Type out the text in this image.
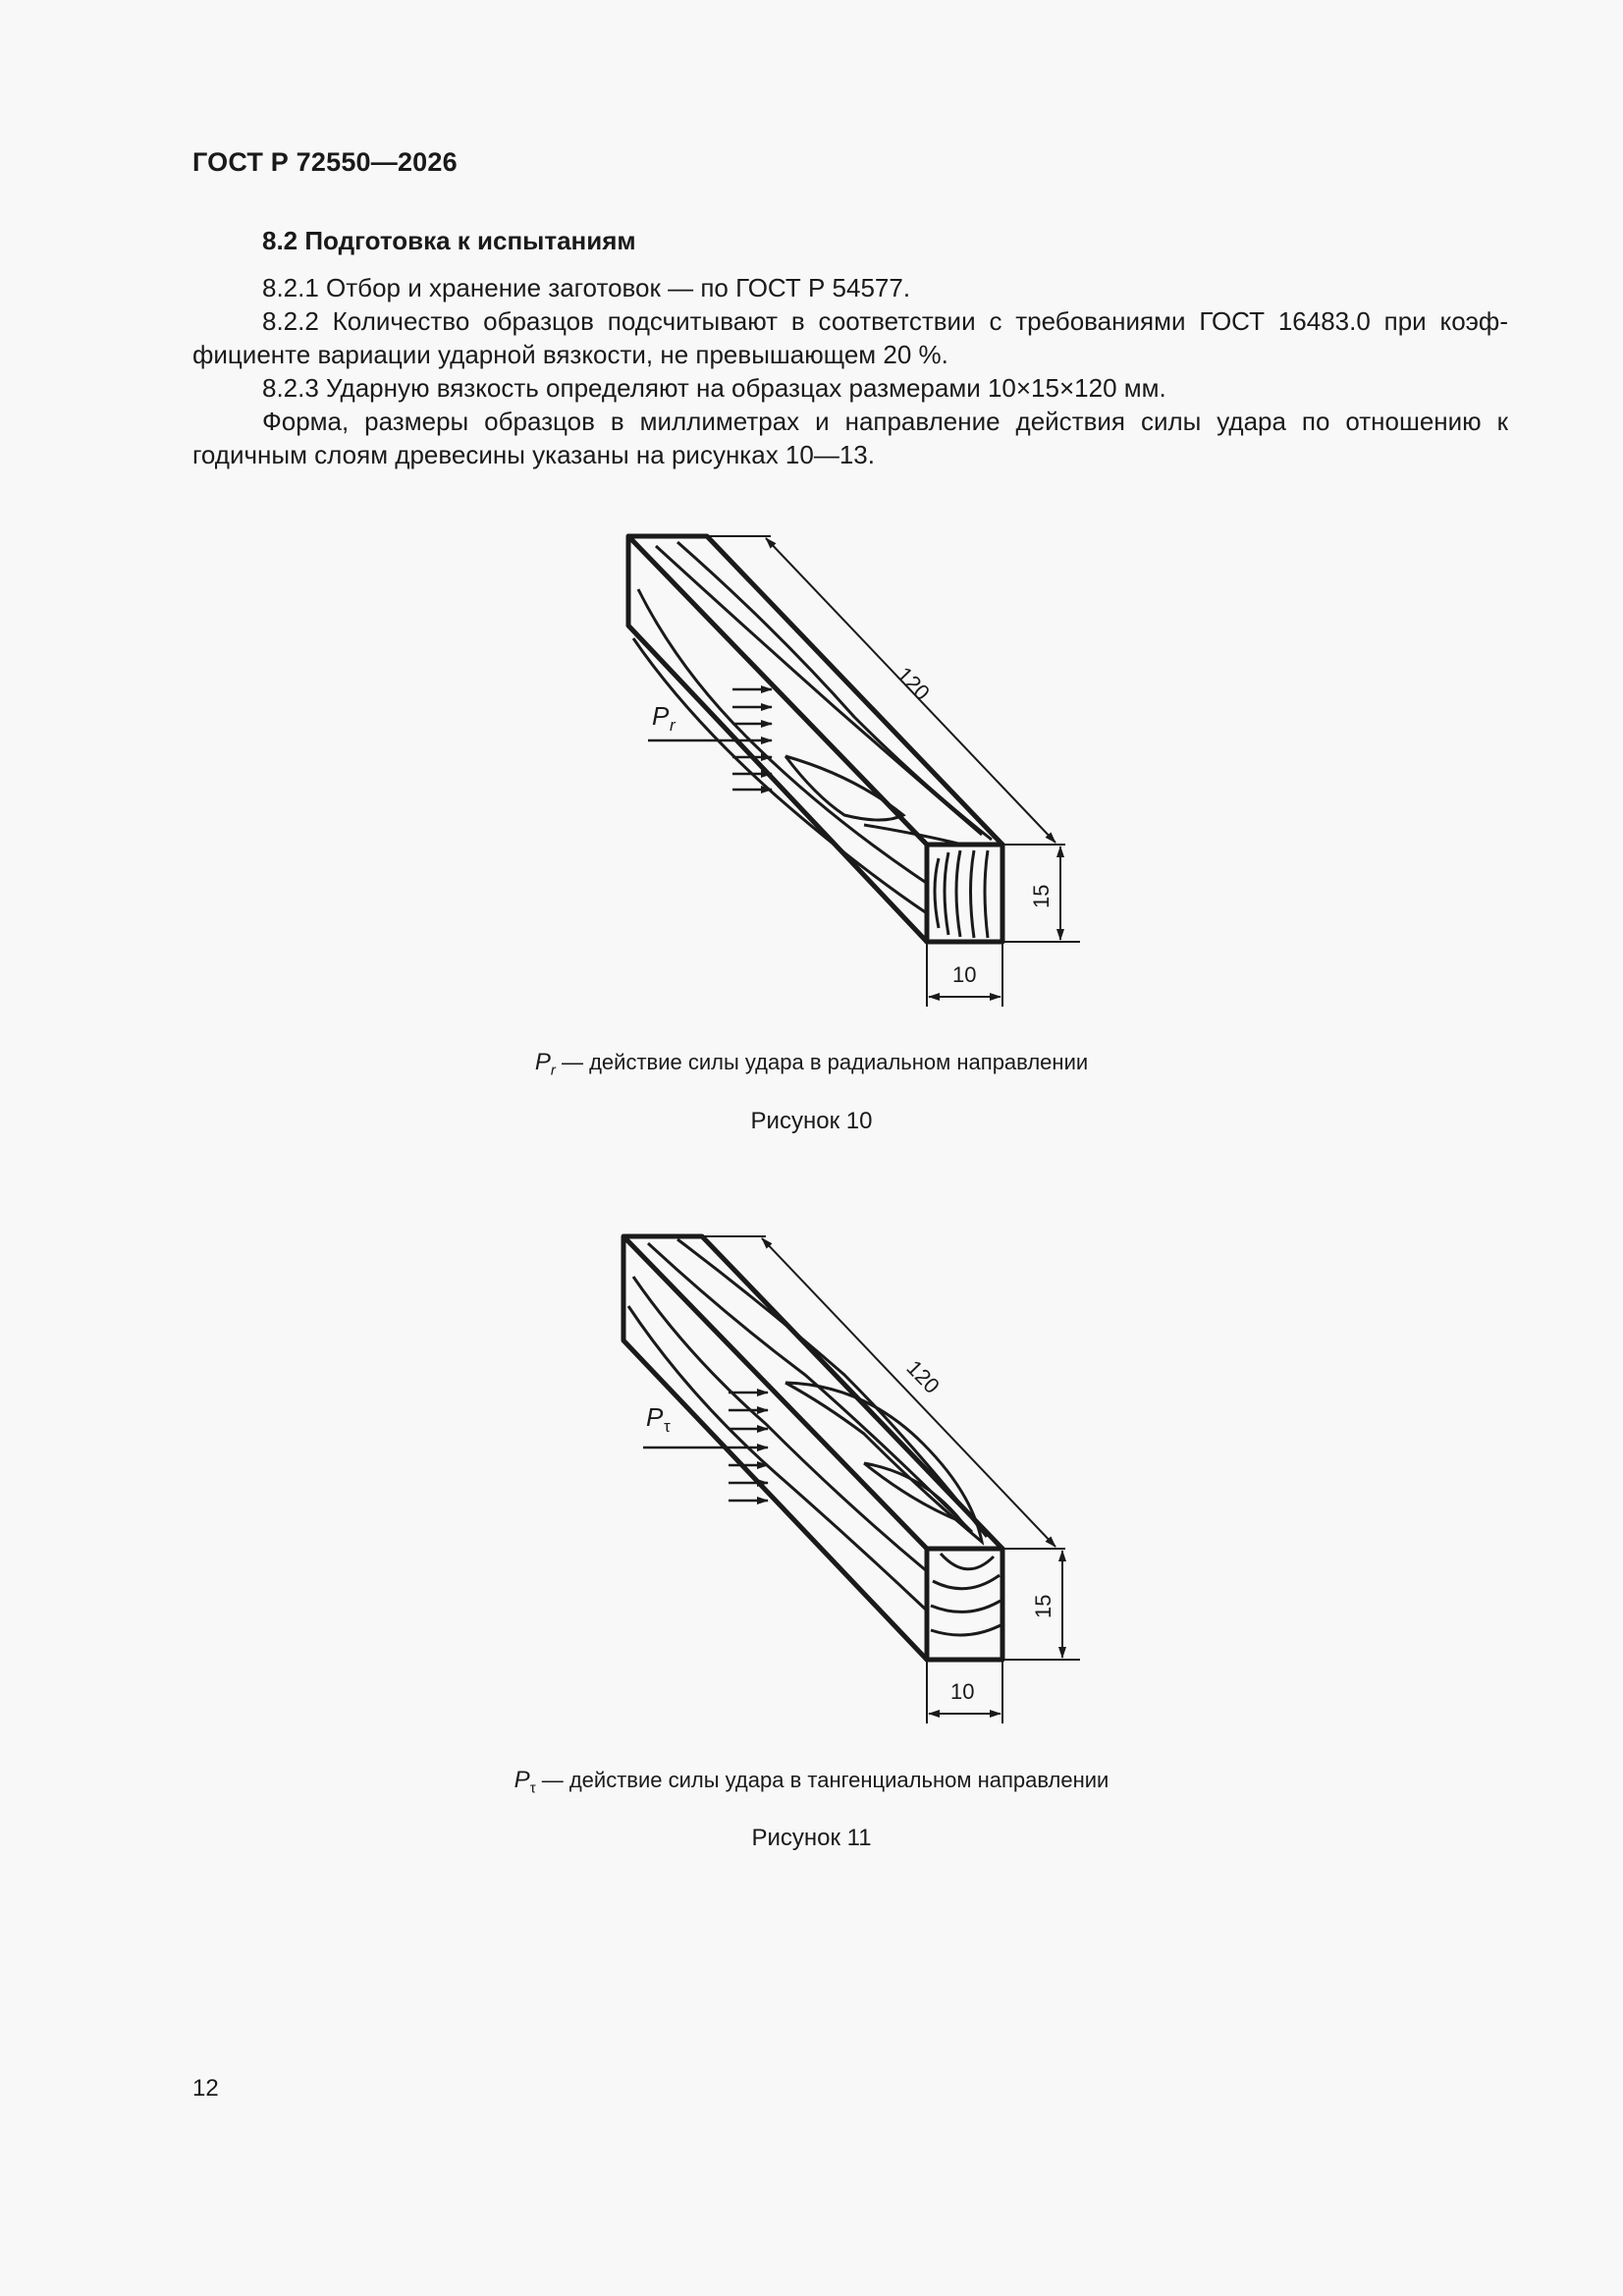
ГОСТ Р 72550—2026
8.2 Подготовка к испытаниям

8.2.1 Отбор и хранение заготовок — по ГОСТ Р 54577.

8.2.2 Количество образцов подсчитывают в соответствии с требованиями ГОСТ 16483.0 при коэффициенте вариации ударной вязкости, не превышающем 20 %.

8.2.3 Ударную вязкость определяют на образцах размерами 10×15×120 мм.

Форма, размеры образцов в миллиметрах и направление действия силы удара по отношению к годичным слоям древесины указаны на рисунках 10—13.

120
15
10
P r
$P_r$ — действие силы удара в радиальном направлении
Рисунок 10
120
15
10
P τ
$P_\tau$ — действие силы удара в тангенциальном направлении
Рисунок 11
12
